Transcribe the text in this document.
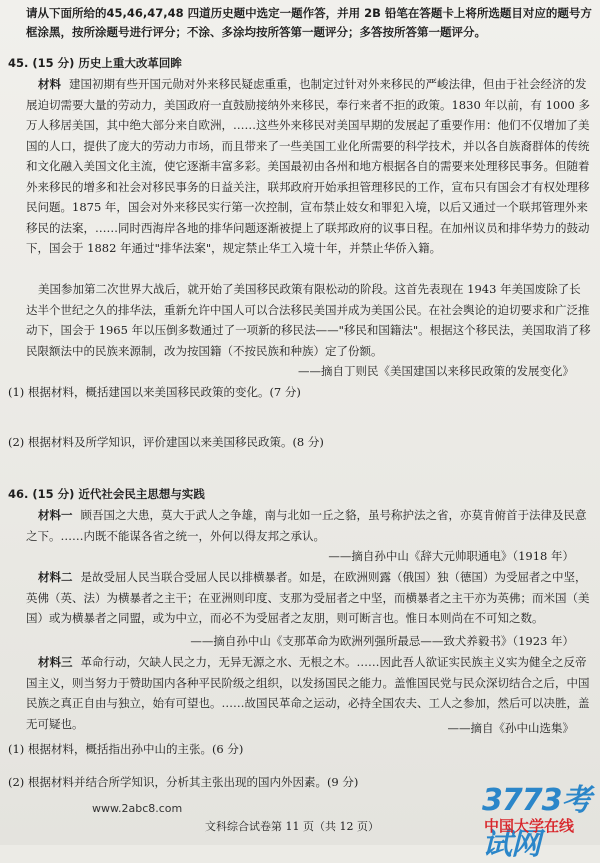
请从下面所给的45,46,47,48 四道历史题中选定一题作答，并用 2B 铅笔在答题卡上将所选题目对应的题号方框涂黑，按所涂题号进行评分；不涂、多涂均按所答第一题评分；多答按所答第一题评分。

45. (15 分) 历史上重大改革回眸

材料 建国初期有些开国元勋对外来移民疑虑重重，也制定过针对外来移民的严峻法律，但由于社会经济的发展迫切需要大量的劳动力，美国政府一直鼓励接纳外来移民，奉行来者不拒的政策。1830 年以前，有 1000 多万人移居美国，其中绝大部分来自欧洲，……这些外来移民对美国早期的发展起了重要作用：他们不仅增加了美国的人口，提供了庞大的劳动力市场，而且带来了一些美国工业化所需要的科学技术，并以各自族裔群体的传统和文化融入美国文化主流，使它逐渐丰富多彩。美国最初由各州和地方根据各自的需要来处理移民事务。但随着外来移民的增多和社会对移民事务的日益关注，联邦政府开始承担管理移民的工作，宣布只有国会才有权处理移民问题。1875 年，国会对外来移民实行第一次控制，宣布禁止妓女和罪犯入境，以后又通过一个联邦管理外来移民的法案，……同时西海岸各地的排华问题逐渐被提上了联邦政府的议事日程。在加州议员和排华势力的鼓动下，国会于 1882 年通过"排华法案"，规定禁止华工入境十年，并禁止华侨入籍。

美国参加第二次世界大战后，就开始了美国移民政策有限松动的阶段。这首先表现在 1943 年美国废除了长达半个世纪之久的排华法，重新允许中国人可以合法移民美国并成为美国公民。在社会舆论的迫切要求和广泛推动下，国会于 1965 年以压倒多数通过了一项新的移民法——"移民和国籍法"。根据这个移民法，美国取消了移民限额法中的民族来源制，改为按国籍（不按民族和种族）定了份额。

——摘自丁则民《美国建国以来移民政策的发展变化》

(1) 根据材料，概括建国以来美国移民政策的变化。(7 分)

(2) 根据材料及所学知识，评价建国以来美国移民政策。(8 分)

46. (15 分) 近代社会民主思想与实践

材料一 顾吾国之大患，莫大于武人之争雄，南与北如一丘之貉，虽号称护法之省，亦莫肯俯首于法律及民意之下。……内既不能谋各省之统一，外何以得友邦之承认。

——摘自孙中山《辞大元帅职通电》（1918 年）

材料二 是故受屈人民当联合受屈人民以排横暴者。如是，在欧洲则露（俄国）独（德国）为受屈者之中坚，英佛（英、法）为横暴者之主干；在亚洲则印度、支那为受屈者之中坚，而横暴者之主干亦为英佛；而米国（美国）或为横暴者之同盟，或为中立，而必不为受屈者之友朋，则可断言也。惟日本则尚在不可知之数。

——摘自孙中山《支那革命为欧洲列强所最忌——致犬养毅书》（1923 年）

材料三 革命行动，欠缺人民之力，无异无源之水、无根之木。……因此吾人欲证实民族主义实为健全之反帝国主义，则当努力于赞助国内各种平民阶级之组织，以发扬国民之能力。盖惟国民党与民众深切结合之后，中国民族之真正自由与独立，始有可望也。……故国民革命之运动，必持全国农夫、工人之参加，然后可以决胜，盖无可疑也。	——摘自《孙中山选集》

(1) 根据材料，概括指出孙中山的主张。(6 分)

(2) 根据材料并结合所学知识，分析其主张出现的国内外因素。(9 分)

www.2abc8.com
文科综合试卷第 11 页（共 12 页）
3773考试网
中国大学在线
